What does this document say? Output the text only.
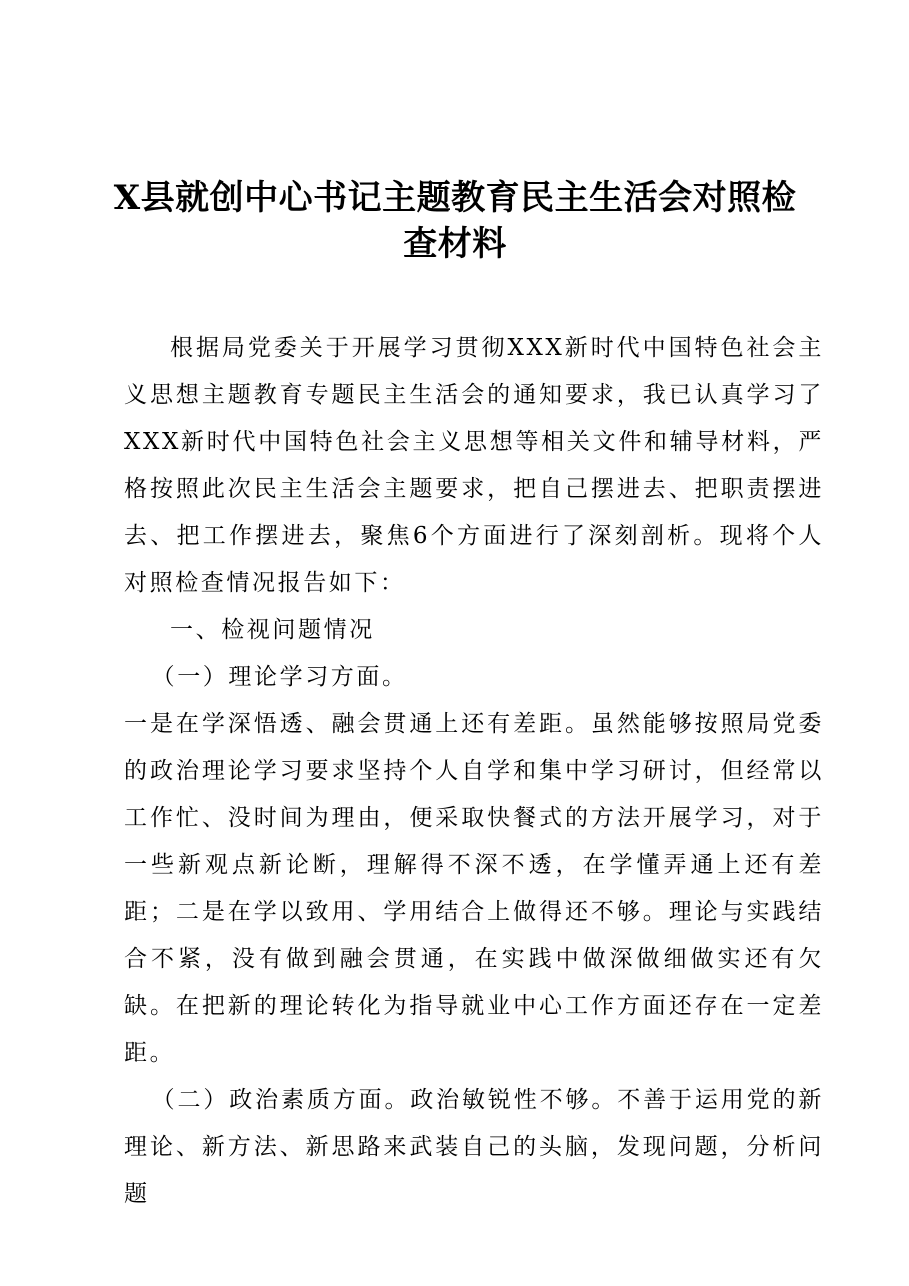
X县就创中心书记主题教育民主生活会对照检查材料

根据局党委关于开展学习贯彻XXX新时代中国特色社会主义思想主题教育专题民主生活会的通知要求，我已认真学习了XXX新时代中国特色社会主义思想等相关文件和辅导材料，严格按照此次民主生活会主题要求，把自己摆进去、把职责摆进去、把工作摆进去，聚焦6个方面进行了深刻剖析。现将个人对照检查情况报告如下：

一、检视问题情况

（一）理论学习方面。

一是在学深悟透、融会贯通上还有差距。虽然能够按照局党委的政治理论学习要求坚持个人自学和集中学习研讨，但经常以工作忙、没时间为理由，便采取快餐式的方法开展学习，对于一些新观点新论断，理解得不深不透，在学懂弄通上还有差距；二是在学以致用、学用结合上做得还不够。理论与实践结合不紧，没有做到融会贯通，在实践中做深做细做实还有欠缺。在把新的理论转化为指导就业中心工作方面还存在一定差距。

（二）政治素质方面。政治敏锐性不够。不善于运用党的新理论、新方法、新思路来武装自己的头脑，发现问题，分析问题
